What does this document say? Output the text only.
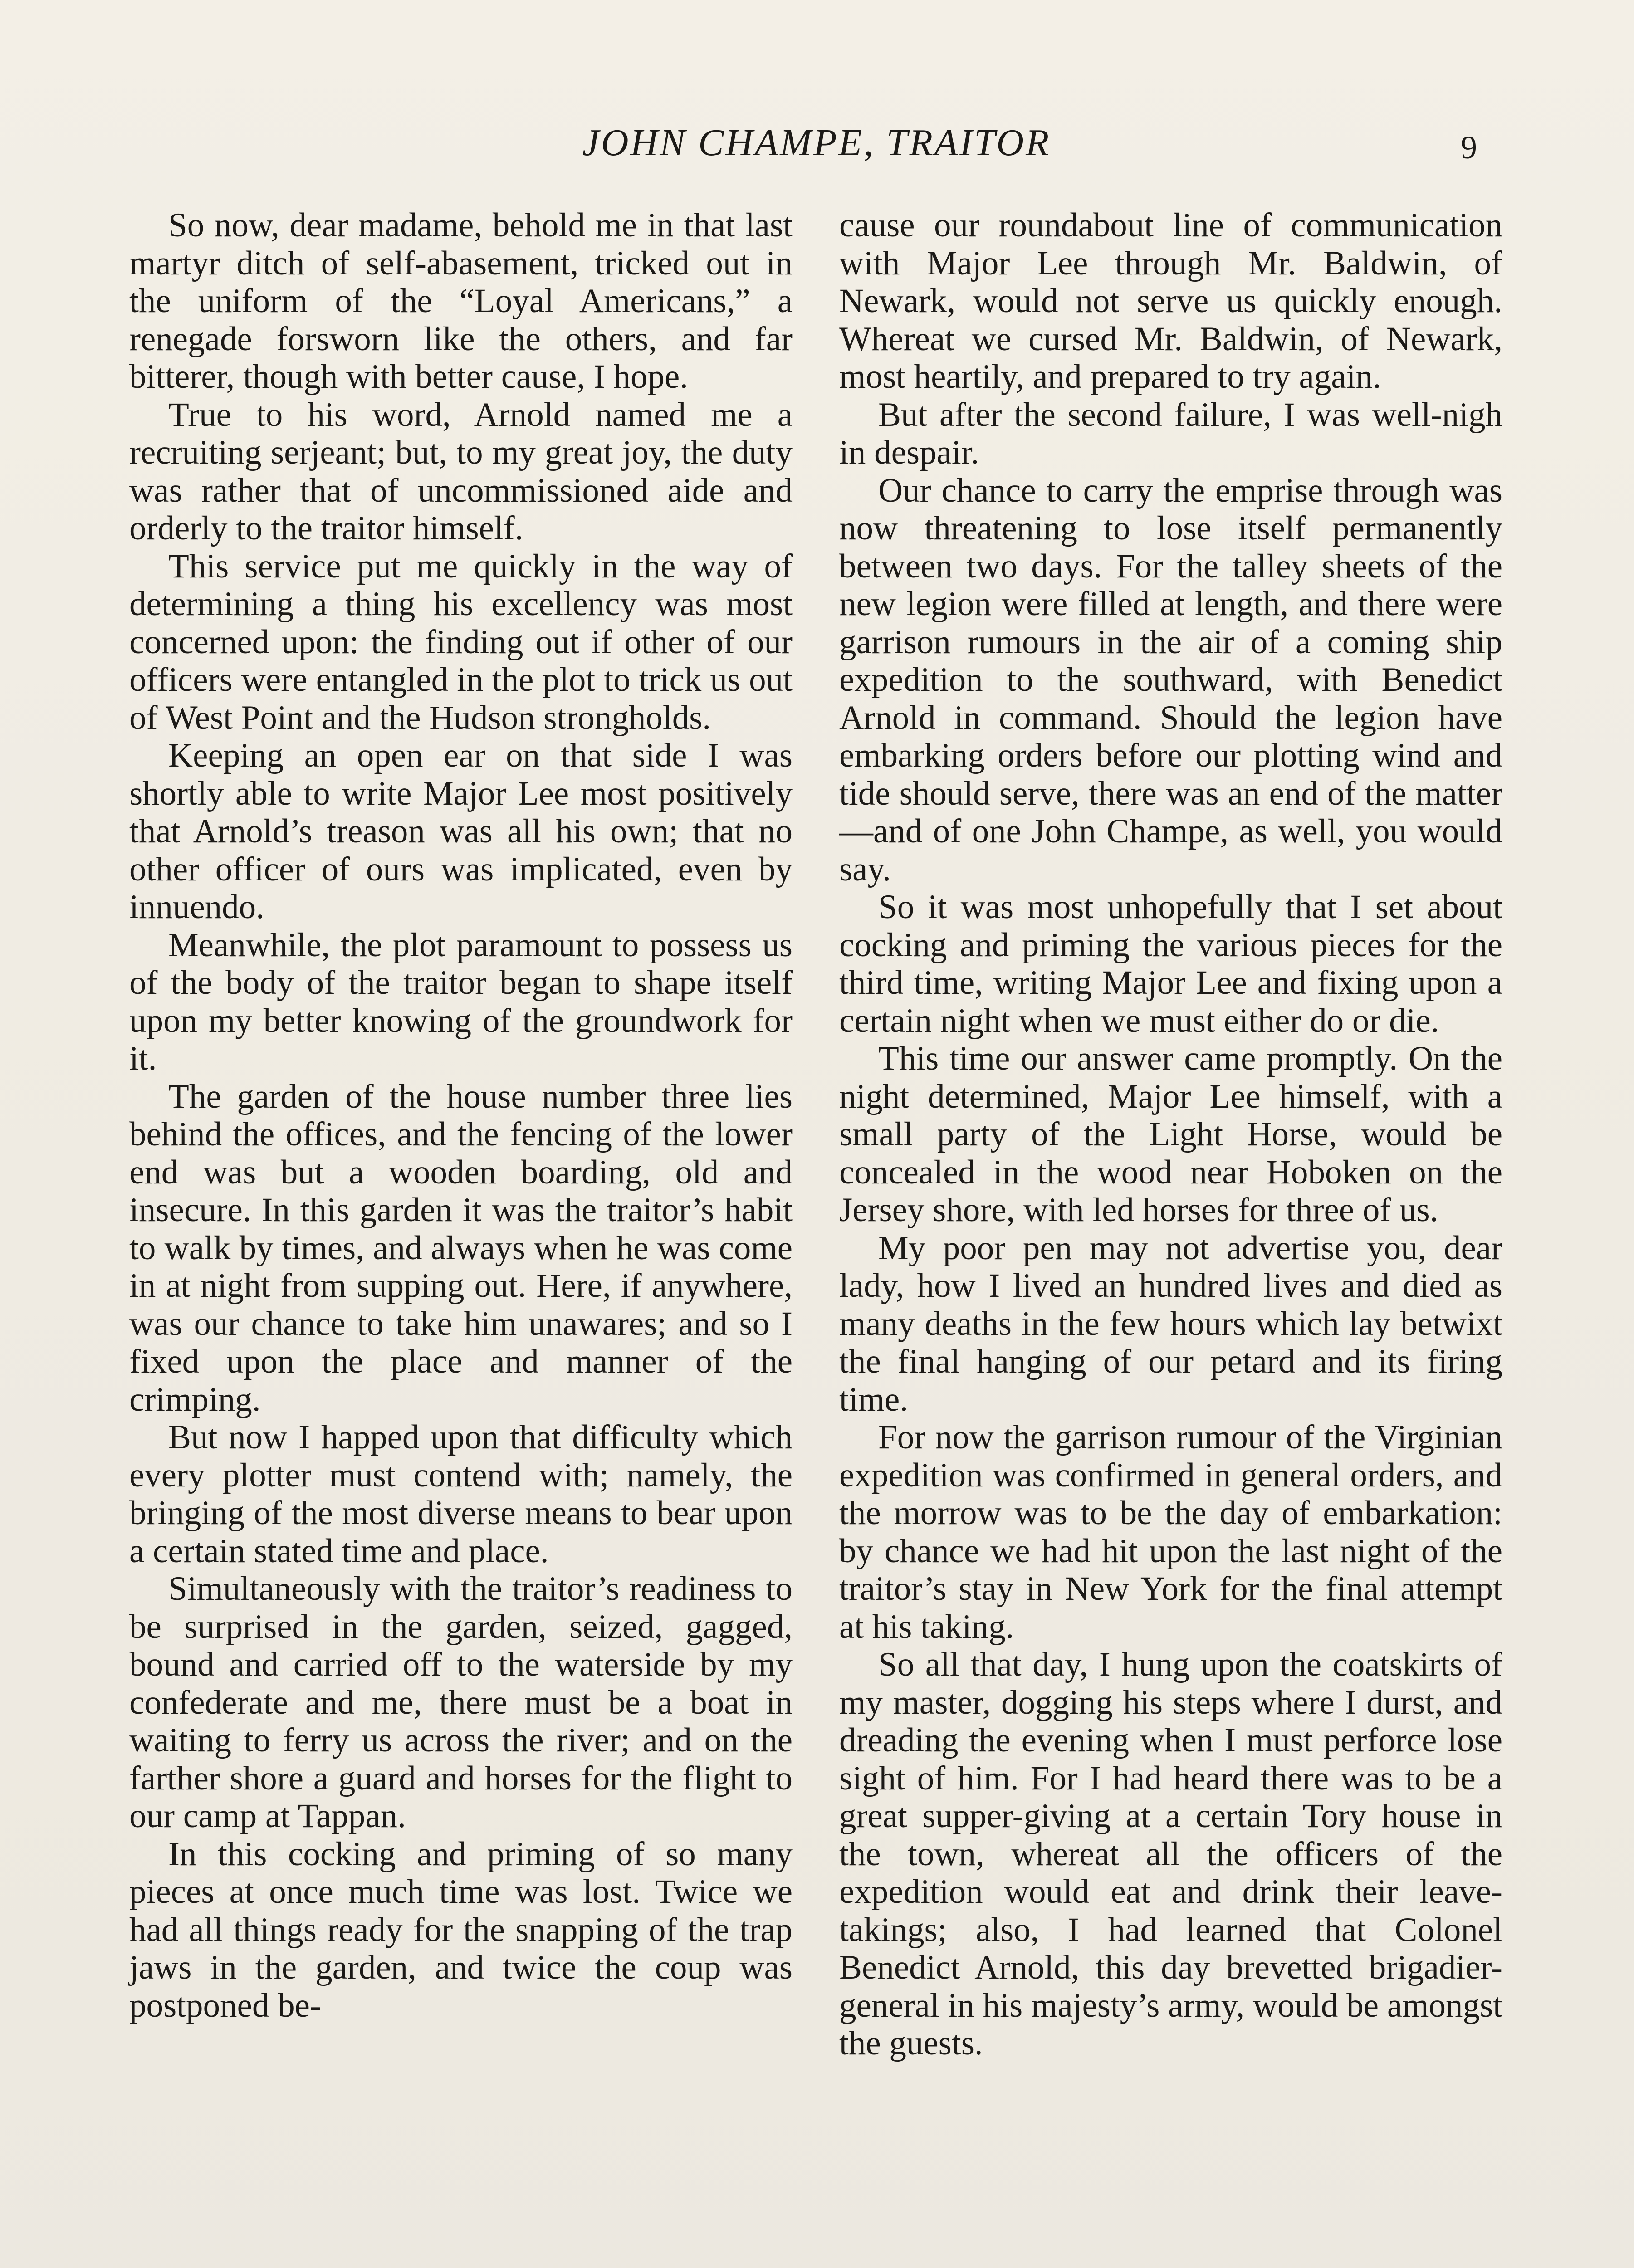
JOHN CHAMPE, TRAITOR	9

So now, dear madame, behold me in that last martyr ditch of self-abasement, tricked out in the uniform of the “Loyal Americans,” a renegade forsworn like the others, and far bitterer, though with better cause, I hope.

True to his word, Arnold named me a recruiting serjeant; but, to my great joy, the duty was rather that of uncommissioned aide and orderly to the traitor himself.

This service put me quickly in the way of determining a thing his excellency was most concerned upon: the finding out if other of our officers were entangled in the plot to trick us out of West Point and the Hudson strongholds.

Keeping an open ear on that side I was shortly able to write Major Lee most positively that Arnold’s treason was all his own; that no other officer of ours was implicated, even by innuendo.

Meanwhile, the plot paramount to possess us of the body of the traitor began to shape itself upon my better knowing of the groundwork for it.

The garden of the house number three lies behind the offices, and the fencing of the lower end was but a wooden boarding, old and insecure. In this garden it was the traitor’s habit to walk by times, and always when he was come in at night from supping out. Here, if anywhere, was our chance to take him unawares; and so I fixed upon the place and manner of the crimping.

But now I happed upon that difficulty which every plotter must contend with; namely, the bringing of the most diverse means to bear upon a certain stated time and place.

Simultaneously with the traitor’s readiness to be surprised in the garden, seized, gagged, bound and carried off to the waterside by my confederate and me, there must be a boat in waiting to ferry us across the river; and on the farther shore a guard and horses for the flight to our camp at Tappan.

In this cocking and priming of so many pieces at once much time was lost. Twice we had all things ready for the snapping of the trap jaws in the garden, and twice the coup was postponed be-

cause our roundabout line of communication with Major Lee through Mr. Baldwin, of Newark, would not serve us quickly enough. Whereat we cursed Mr. Baldwin, of Newark, most heartily, and prepared to try again.

But after the second failure, I was well-nigh in despair.

Our chance to carry the emprise through was now threatening to lose itself permanently between two days. For the talley sheets of the new legion were filled at length, and there were garrison rumours in the air of a coming ship expedition to the southward, with Benedict Arnold in command. Should the legion have embarking orders before our plotting wind and tide should serve, there was an end of the matter—and of one John Champe, as well, you would say.

So it was most unhopefully that I set about cocking and priming the various pieces for the third time, writing Major Lee and fixing upon a certain night when we must either do or die.

This time our answer came promptly. On the night determined, Major Lee himself, with a small party of the Light Horse, would be concealed in the wood near Hoboken on the Jersey shore, with led horses for three of us.

My poor pen may not advertise you, dear lady, how I lived an hundred lives and died as many deaths in the few hours which lay betwixt the final hanging of our petard and its firing time.

For now the garrison rumour of the Virginian expedition was confirmed in general orders, and the morrow was to be the day of embarkation: by chance we had hit upon the last night of the traitor’s stay in New York for the final attempt at his taking.

So all that day, I hung upon the coatskirts of my master, dogging his steps where I durst, and dreading the evening when I must perforce lose sight of him. For I had heard there was to be a great supper-giving at a certain Tory house in the town, whereat all the officers of the expedition would eat and drink their leave-takings; also, I had learned that Colonel Benedict Arnold, this day brevetted brigadier-general in his majesty’s army, would be amongst the guests.
